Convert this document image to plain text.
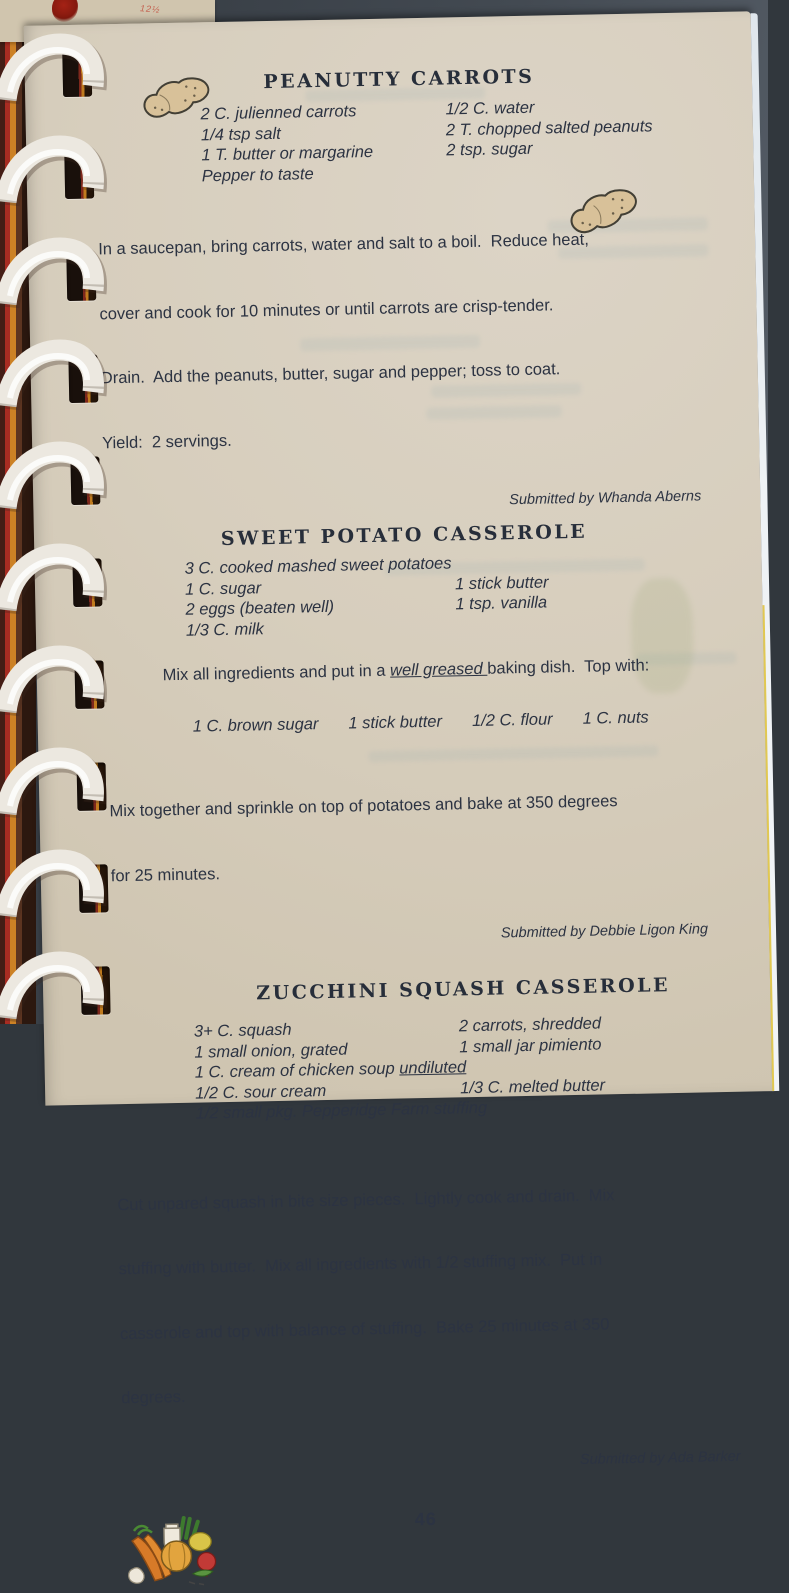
12½
PEANUTTY CARROTS
2 C. julienned carrots	1/2 C. water
1/4 tsp salt	2 T. chopped salted peanuts
1 T. butter or margarine	2 tsp. sugar
Pepper to taste

In a saucepan, bring carrots, water and salt to a boil.  Reduce heat,

cover and cook for 10 minutes or until carrots are crisp-tender.

Drain.  Add the peanuts, butter, sugar and pepper; toss to coat.

Yield:  2 servings.

Submitted by Whanda Aberns
SWEET POTATO CASSEROLE
3 C. cooked mashed sweet potatoes
1 C. sugar	1 stick butter
2 eggs (beaten well)	1 tsp. vanilla
1/3 C. milk

Mix all ingredients and put in a well greased baking dish.  Top with:

1 C. brown sugar 1 stick butter 1/2 C. flour 1 C. nuts

Mix together and sprinkle on top of potatoes and bake at 350 degrees

for 25 minutes.

Submitted by Debbie Ligon King
ZUCCHINI SQUASH CASSEROLE
3+ C. squash	2 carrots, shredded
1 small onion, grated	1 small jar pimiento
1 C. cream of chicken soup undiluted
1/2 C. sour cream	1/3 C. melted butter
1/2 small pkg. Pepperidge Farm stuffing

Cut unpared squash in bite size pieces.  Lightly cook and drain.  Mix

stuffing with butter.  Mix all ingredients with 1/2 stuffing mix.  Put in

casserole and top with balance of stuffing.  Bake 25 minutes at 350

degrees.

Submitted by Ada Barker
46
